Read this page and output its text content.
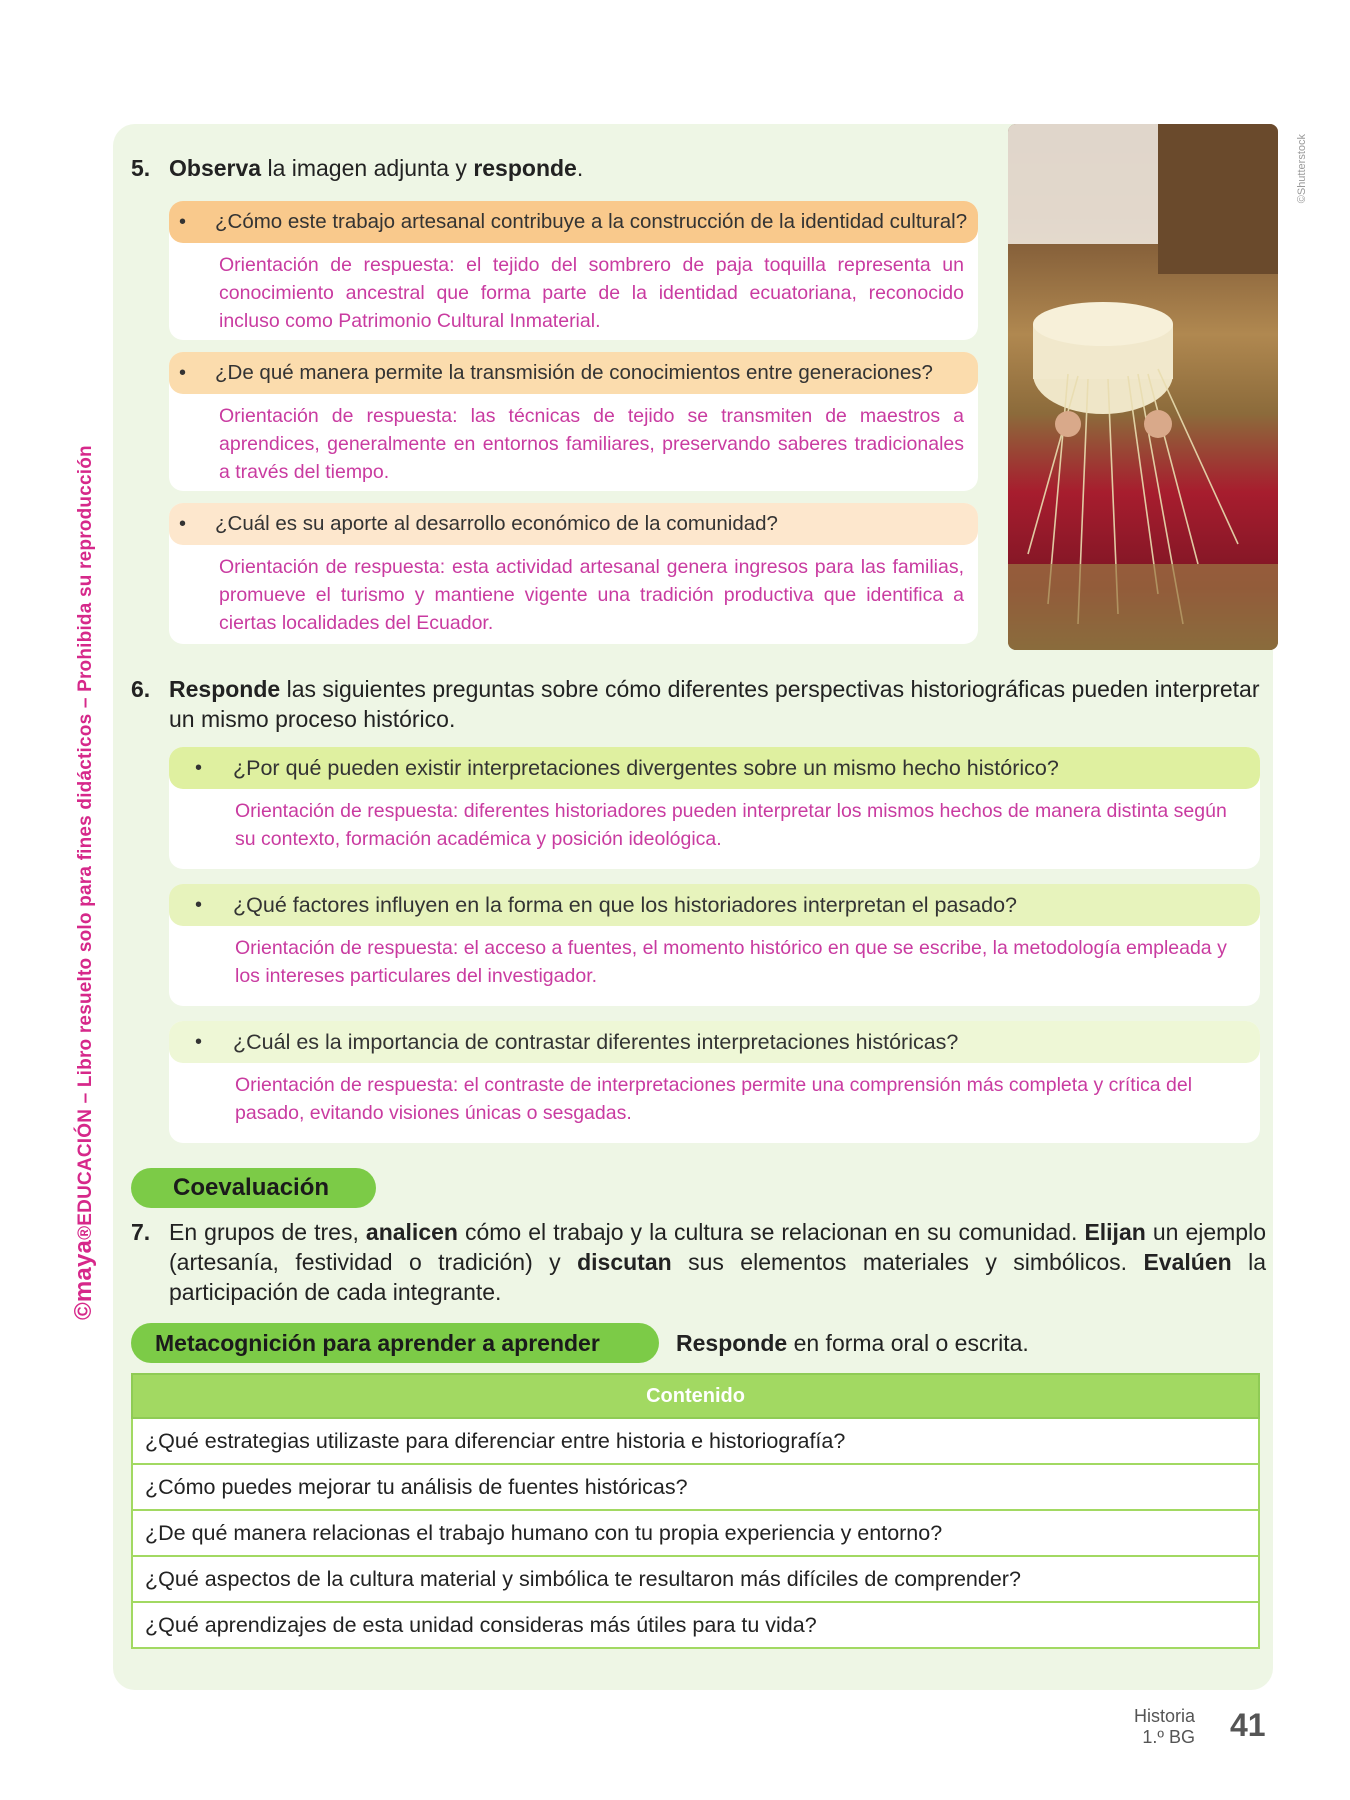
©maya®EDUCACIÓN – Libro resuelto solo para fines didácticos – Prohibida su reproducción
©Shutterstock
5. Observa la imagen adjunta y responde.
• ¿Cómo este trabajo artesanal contribuye a la construcción de la identidad cultural?
Orientación de respuesta: el tejido del sombrero de paja toquilla representa un conocimiento ancestral que forma parte de la identidad ecuatoriana, reconocido incluso como Patrimonio Cultural Inmaterial.
• ¿De qué manera permite la transmisión de conocimientos entre generaciones?
Orientación de respuesta: las técnicas de tejido se transmiten de maestros a aprendices, generalmente en entornos familiares, preservando saberes tradicionales a través del tiempo.
• ¿Cuál es su aporte al desarrollo económico de la comunidad?
Orientación de respuesta: esta actividad artesanal genera ingresos para las familias, promueve el turismo y mantiene vigente una tradición productiva que identifica a ciertas localidades del Ecuador.
6. Responde las siguientes preguntas sobre cómo diferentes perspectivas historiográficas pueden interpretar un mismo proceso histórico.
• ¿Por qué pueden existir interpretaciones divergentes sobre un mismo hecho histórico?
Orientación de respuesta: diferentes historiadores pueden interpretar los mismos hechos de manera distinta según su contexto, formación académica y posición ideológica.
• ¿Qué factores influyen en la forma en que los historiadores interpretan el pasado?
Orientación de respuesta: el acceso a fuentes, el momento histórico en que se escribe, la metodología empleada y los intereses particulares del investigador.
• ¿Cuál es la importancia de contrastar diferentes interpretaciones históricas?
Orientación de respuesta: el contraste de interpretaciones permite una comprensión más completa y crítica del pasado, evitando visiones únicas o sesgadas.
Coevaluación
7. En grupos de tres, analicen cómo el trabajo y la cultura se relacionan en su comunidad. Elijan un ejemplo (artesanía, festividad o tradición) y discutan sus elementos materiales y simbólicos. Evalúen la participación de cada integrante.
Metacognición para aprender a aprender	Responde en forma oral o escrita.
Contenido
¿Qué estrategias utilizaste para diferenciar entre historia e historiografía?
¿Cómo puedes mejorar tu análisis de fuentes históricas?
¿De qué manera relacionas el trabajo humano con tu propia experiencia y entorno?
¿Qué aspectos de la cultura material y simbólica te resultaron más difíciles de comprender?
¿Qué aprendizajes de esta unidad consideras más útiles para tu vida?
Historia
1.º BG 41
